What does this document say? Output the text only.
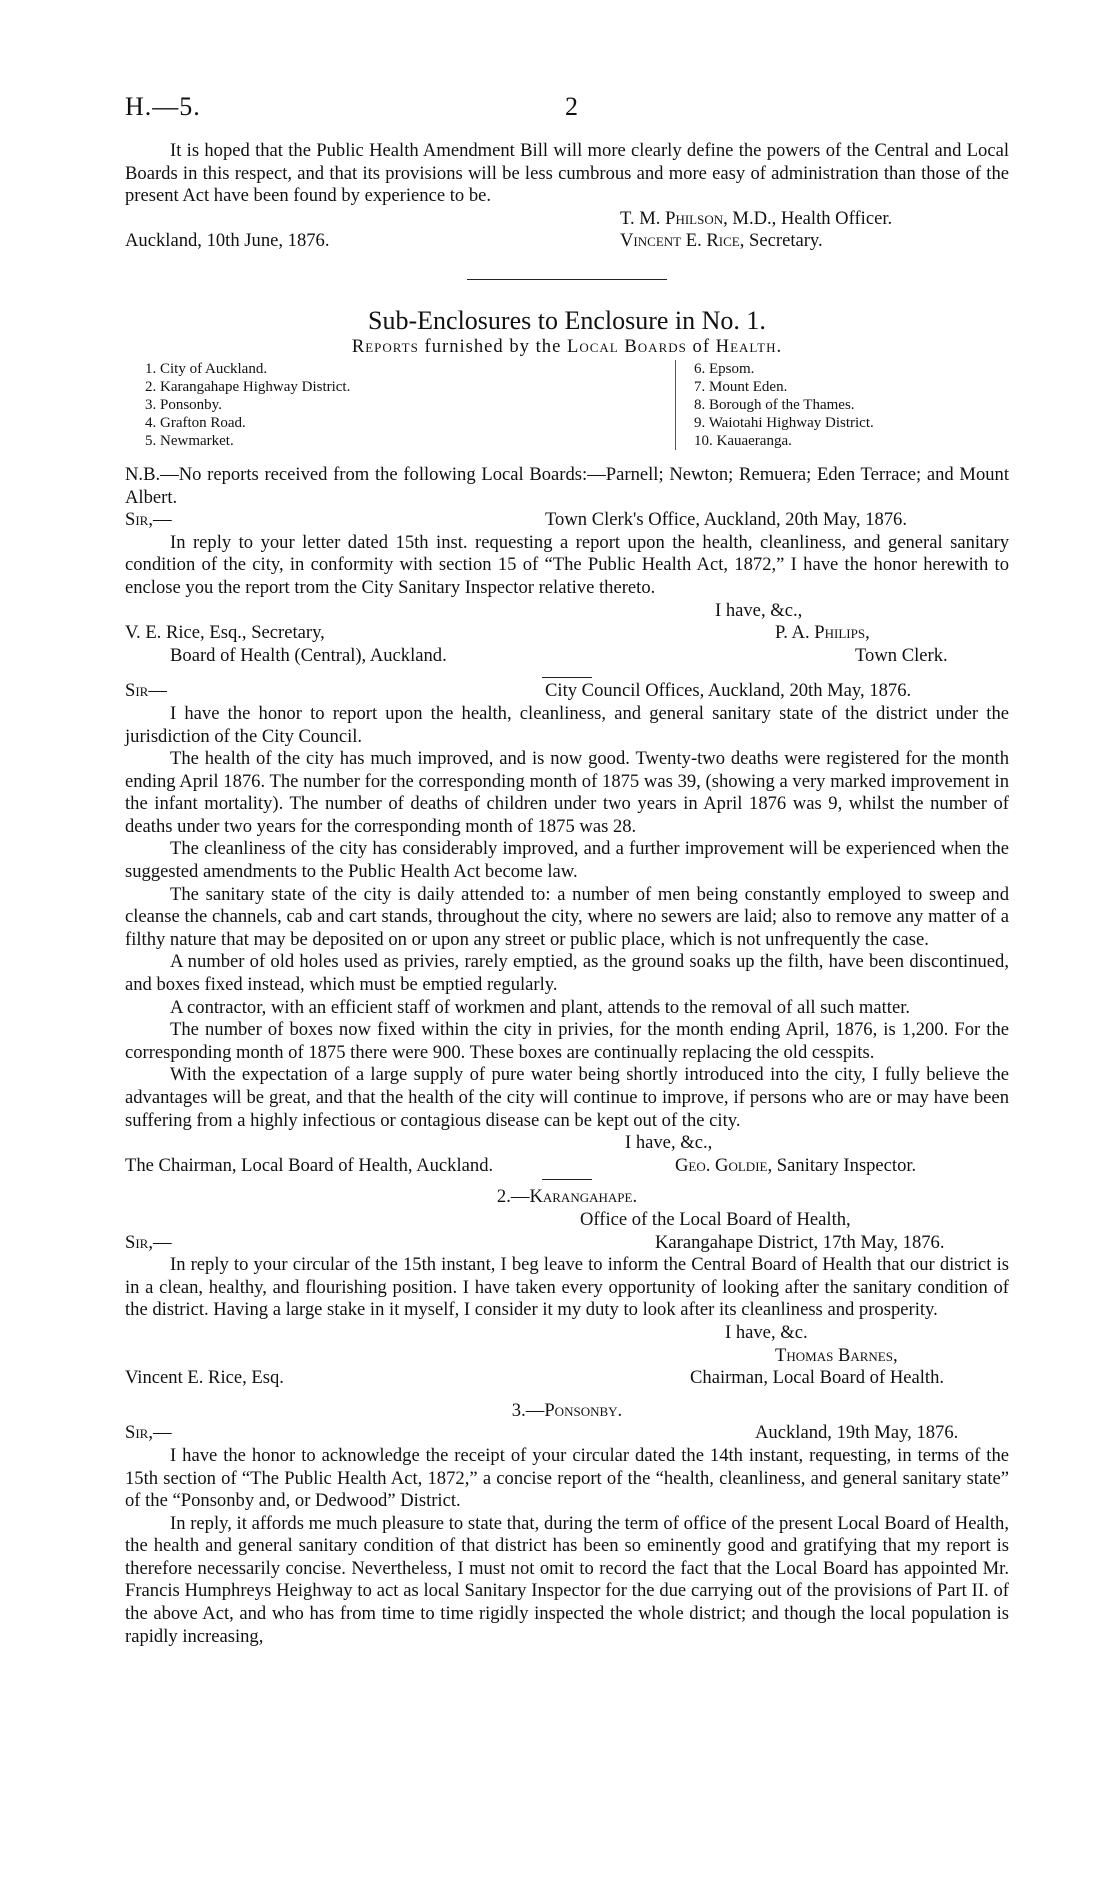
H.—5.	2

It is hoped that the Public Health Amendment Bill will more clearly define the powers of the Central and Local Boards in this respect, and that its provisions will be less cumbrous and more easy of administration than those of the present Act have been found by experience to be.

T. M. Philson, M.D., Health Officer.
Auckland, 10th June, 1876.	Vincent E. Rice, Secretary.
Sub-Enclosures to Enclosure in No. 1.
Reports furnished by the Local Boards of Health.
1. City of Auckland.
2. Karangahape Highway District.
3. Ponsonby.
4. Grafton Road.
5. Newmarket.
6. Epsom.
7. Mount Eden.
8. Borough of the Thames.
9. Waiotahi Highway District.
10. Kauaeranga.

N.B.—No reports received from the following Local Boards:—Parnell; Newton; Remuera; Eden Terrace; and Mount Albert.

Sir,—	Town Clerk's Office, Auckland, 20th May, 1876.

In reply to your letter dated 15th inst. requesting a report upon the health, cleanliness, and general sanitary condition of the city, in conformity with section 15 of “The Public Health Act, 1872,” I have the honor herewith to enclose you the report trom the City Sanitary Inspector relative thereto.

I have, &c.,
V. E. Rice, Esq., Secretary,	P. A. Philips,
Board of Health (Central), Auckland.	Town Clerk.
Sir—	City Council Offices, Auckland, 20th May, 1876.

I have the honor to report upon the health, cleanliness, and general sanitary state of the district under the jurisdiction of the City Council.

The health of the city has much improved, and is now good. Twenty-two deaths were registered for the month ending April 1876. The number for the corresponding month of 1875 was 39, (showing a very marked improvement in the infant mortality). The number of deaths of children under two years in April 1876 was 9, whilst the number of deaths under two years for the corresponding month of 1875 was 28.

The cleanliness of the city has considerably improved, and a further improvement will be experienced when the suggested amendments to the Public Health Act become law.

The sanitary state of the city is daily attended to: a number of men being constantly employed to sweep and cleanse the channels, cab and cart stands, throughout the city, where no sewers are laid; also to remove any matter of a filthy nature that may be deposited on or upon any street or public place, which is not unfrequently the case.

A number of old holes used as privies, rarely emptied, as the ground soaks up the filth, have been discontinued, and boxes fixed instead, which must be emptied regularly.

A contractor, with an efficient staff of workmen and plant, attends to the removal of all such matter.

The number of boxes now fixed within the city in privies, for the month ending April, 1876, is 1,200. For the corresponding month of 1875 there were 900. These boxes are continually replacing the old cesspits.

With the expectation of a large supply of pure water being shortly introduced into the city, I fully believe the advantages will be great, and that the health of the city will continue to improve, if persons who are or may have been suffering from a highly infectious or contagious disease can be kept out of the city.

I have, &c.,
The Chairman, Local Board of Health, Auckland.	Geo. Goldie, Sanitary Inspector.
2.—Karangahape.
Office of the Local Board of Health,
Sir,—	Karangahape District, 17th May, 1876.

In reply to your circular of the 15th instant, I beg leave to inform the Central Board of Health that our district is in a clean, healthy, and flourishing position. I have taken every opportunity of looking after the sanitary condition of the district. Having a large stake in it myself, I consider it my duty to look after its cleanliness and prosperity.

I have, &c.
Thomas Barnes,
Vincent E. Rice, Esq.	Chairman, Local Board of Health.
3.—Ponsonby.
Sir,—	Auckland, 19th May, 1876.

I have the honor to acknowledge the receipt of your circular dated the 14th instant, requesting, in terms of the 15th section of “The Public Health Act, 1872,” a concise report of the “health, cleanliness, and general sanitary state” of the “Ponsonby and, or Dedwood” District.

In reply, it affords me much pleasure to state that, during the term of office of the present Local Board of Health, the health and general sanitary condition of that district has been so eminently good and gratifying that my report is therefore necessarily concise. Nevertheless, I must not omit to record the fact that the Local Board has appointed Mr. Francis Humphreys Heighway to act as local Sanitary Inspector for the due carrying out of the provisions of Part II. of the above Act, and who has from time to time rigidly inspected the whole district; and though the local population is rapidly increasing,
